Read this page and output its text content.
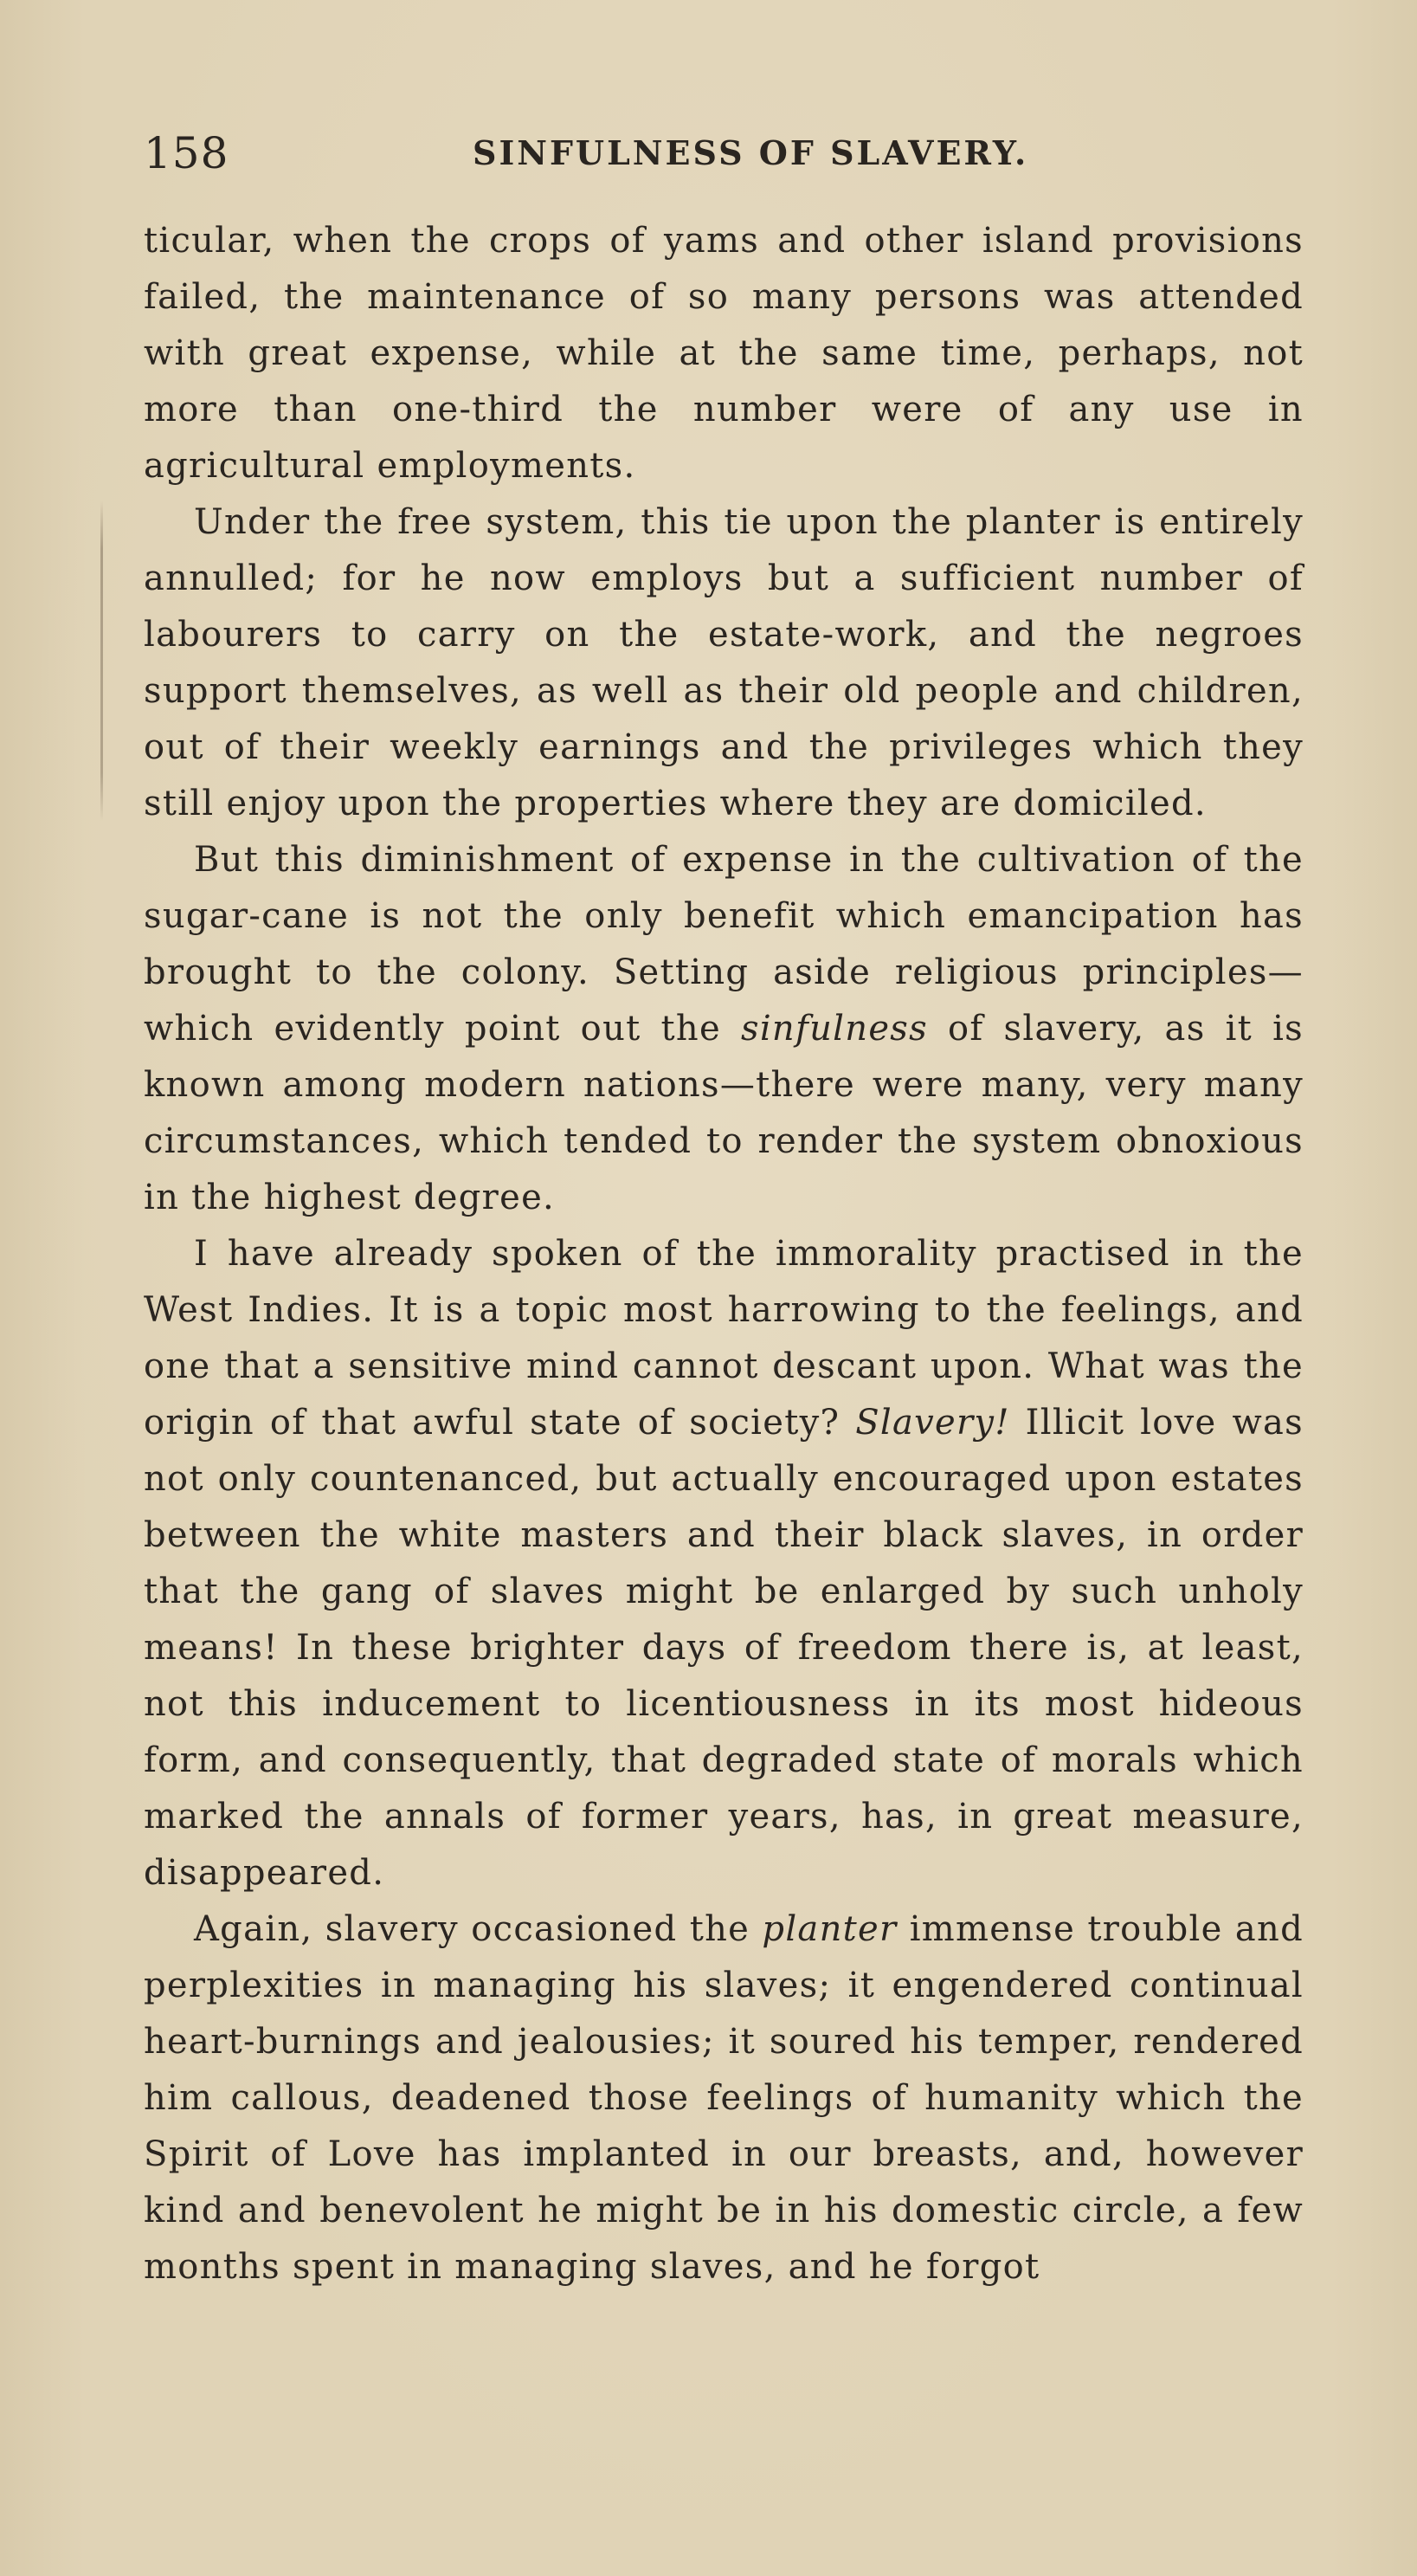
158	SINFULNESS OF SLAVERY.

ticular, when the crops of yams and other island provisions failed, the maintenance of so many persons was attended with great expense, while at the same time, perhaps, not more than one-third the number were of any use in agricultural employments.

Under the free system, this tie upon the planter is entirely annulled; for he now employs but a sufficient number of labourers to carry on the estate-work, and the negroes support themselves, as well as their old people and children, out of their weekly earnings and the privileges which they still enjoy upon the properties where they are domiciled.

But this diminishment of expense in the cultivation of the sugar-cane is not the only benefit which emancipation has brought to the colony. Setting aside religious principles—which evidently point out the sinfulness of slavery, as it is known among modern nations—there were many, very many circumstances, which tended to render the system obnoxious in the highest degree.

I have already spoken of the immorality practised in the West Indies. It is a topic most harrowing to the feelings, and one that a sensitive mind cannot descant upon. What was the origin of that awful state of society? Slavery! Illicit love was not only countenanced, but actually encouraged upon estates between the white masters and their black slaves, in order that the gang of slaves might be enlarged by such unholy means! In these brighter days of freedom there is, at least, not this inducement to licentiousness in its most hideous form, and consequently, that degraded state of morals which marked the annals of former years, has, in great measure, disappeared.

Again, slavery occasioned the planter immense trouble and perplexities in managing his slaves; it engendered continual heart-burnings and jealousies; it soured his temper, rendered him callous, deadened those feelings of humanity which the Spirit of Love has implanted in our breasts, and, however kind and benevolent he might be in his domestic circle, a few months spent in managing slaves, and he forgot
